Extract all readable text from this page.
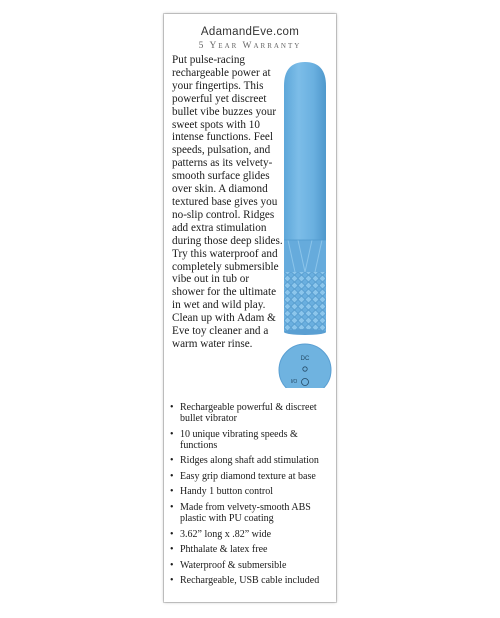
AdamandEve.com
5 Year Warranty
Put pulse-racing rechargeable power at your fingertips. This powerful yet discreet bullet vibe buzzes your sweet spots with 10 intense functions. Feel speeds, pulsation, and patterns as its velvety-smooth surface glides over skin. A diamond textured base gives you no-slip control. Ridges add extra stimulation during those deep slides. Try this waterproof and completely submersible vibe out in tub or shower for the ultimate in wet and wild play. Clean up with Adam & Eve toy cleaner and a warm water rinse.
DC
I/O
• Rechargeable powerful & discreet bullet vibrator
• 10 unique vibrating speeds & functions
• Ridges along shaft add stimulation
• Easy grip diamond texture at base
• Handy 1 button control
• Made from velvety-smooth ABS plastic with PU coating
• 3.62” long x .82” wide
• Phthalate & latex free
• Waterproof & submersible
• Rechargeable, USB cable included
